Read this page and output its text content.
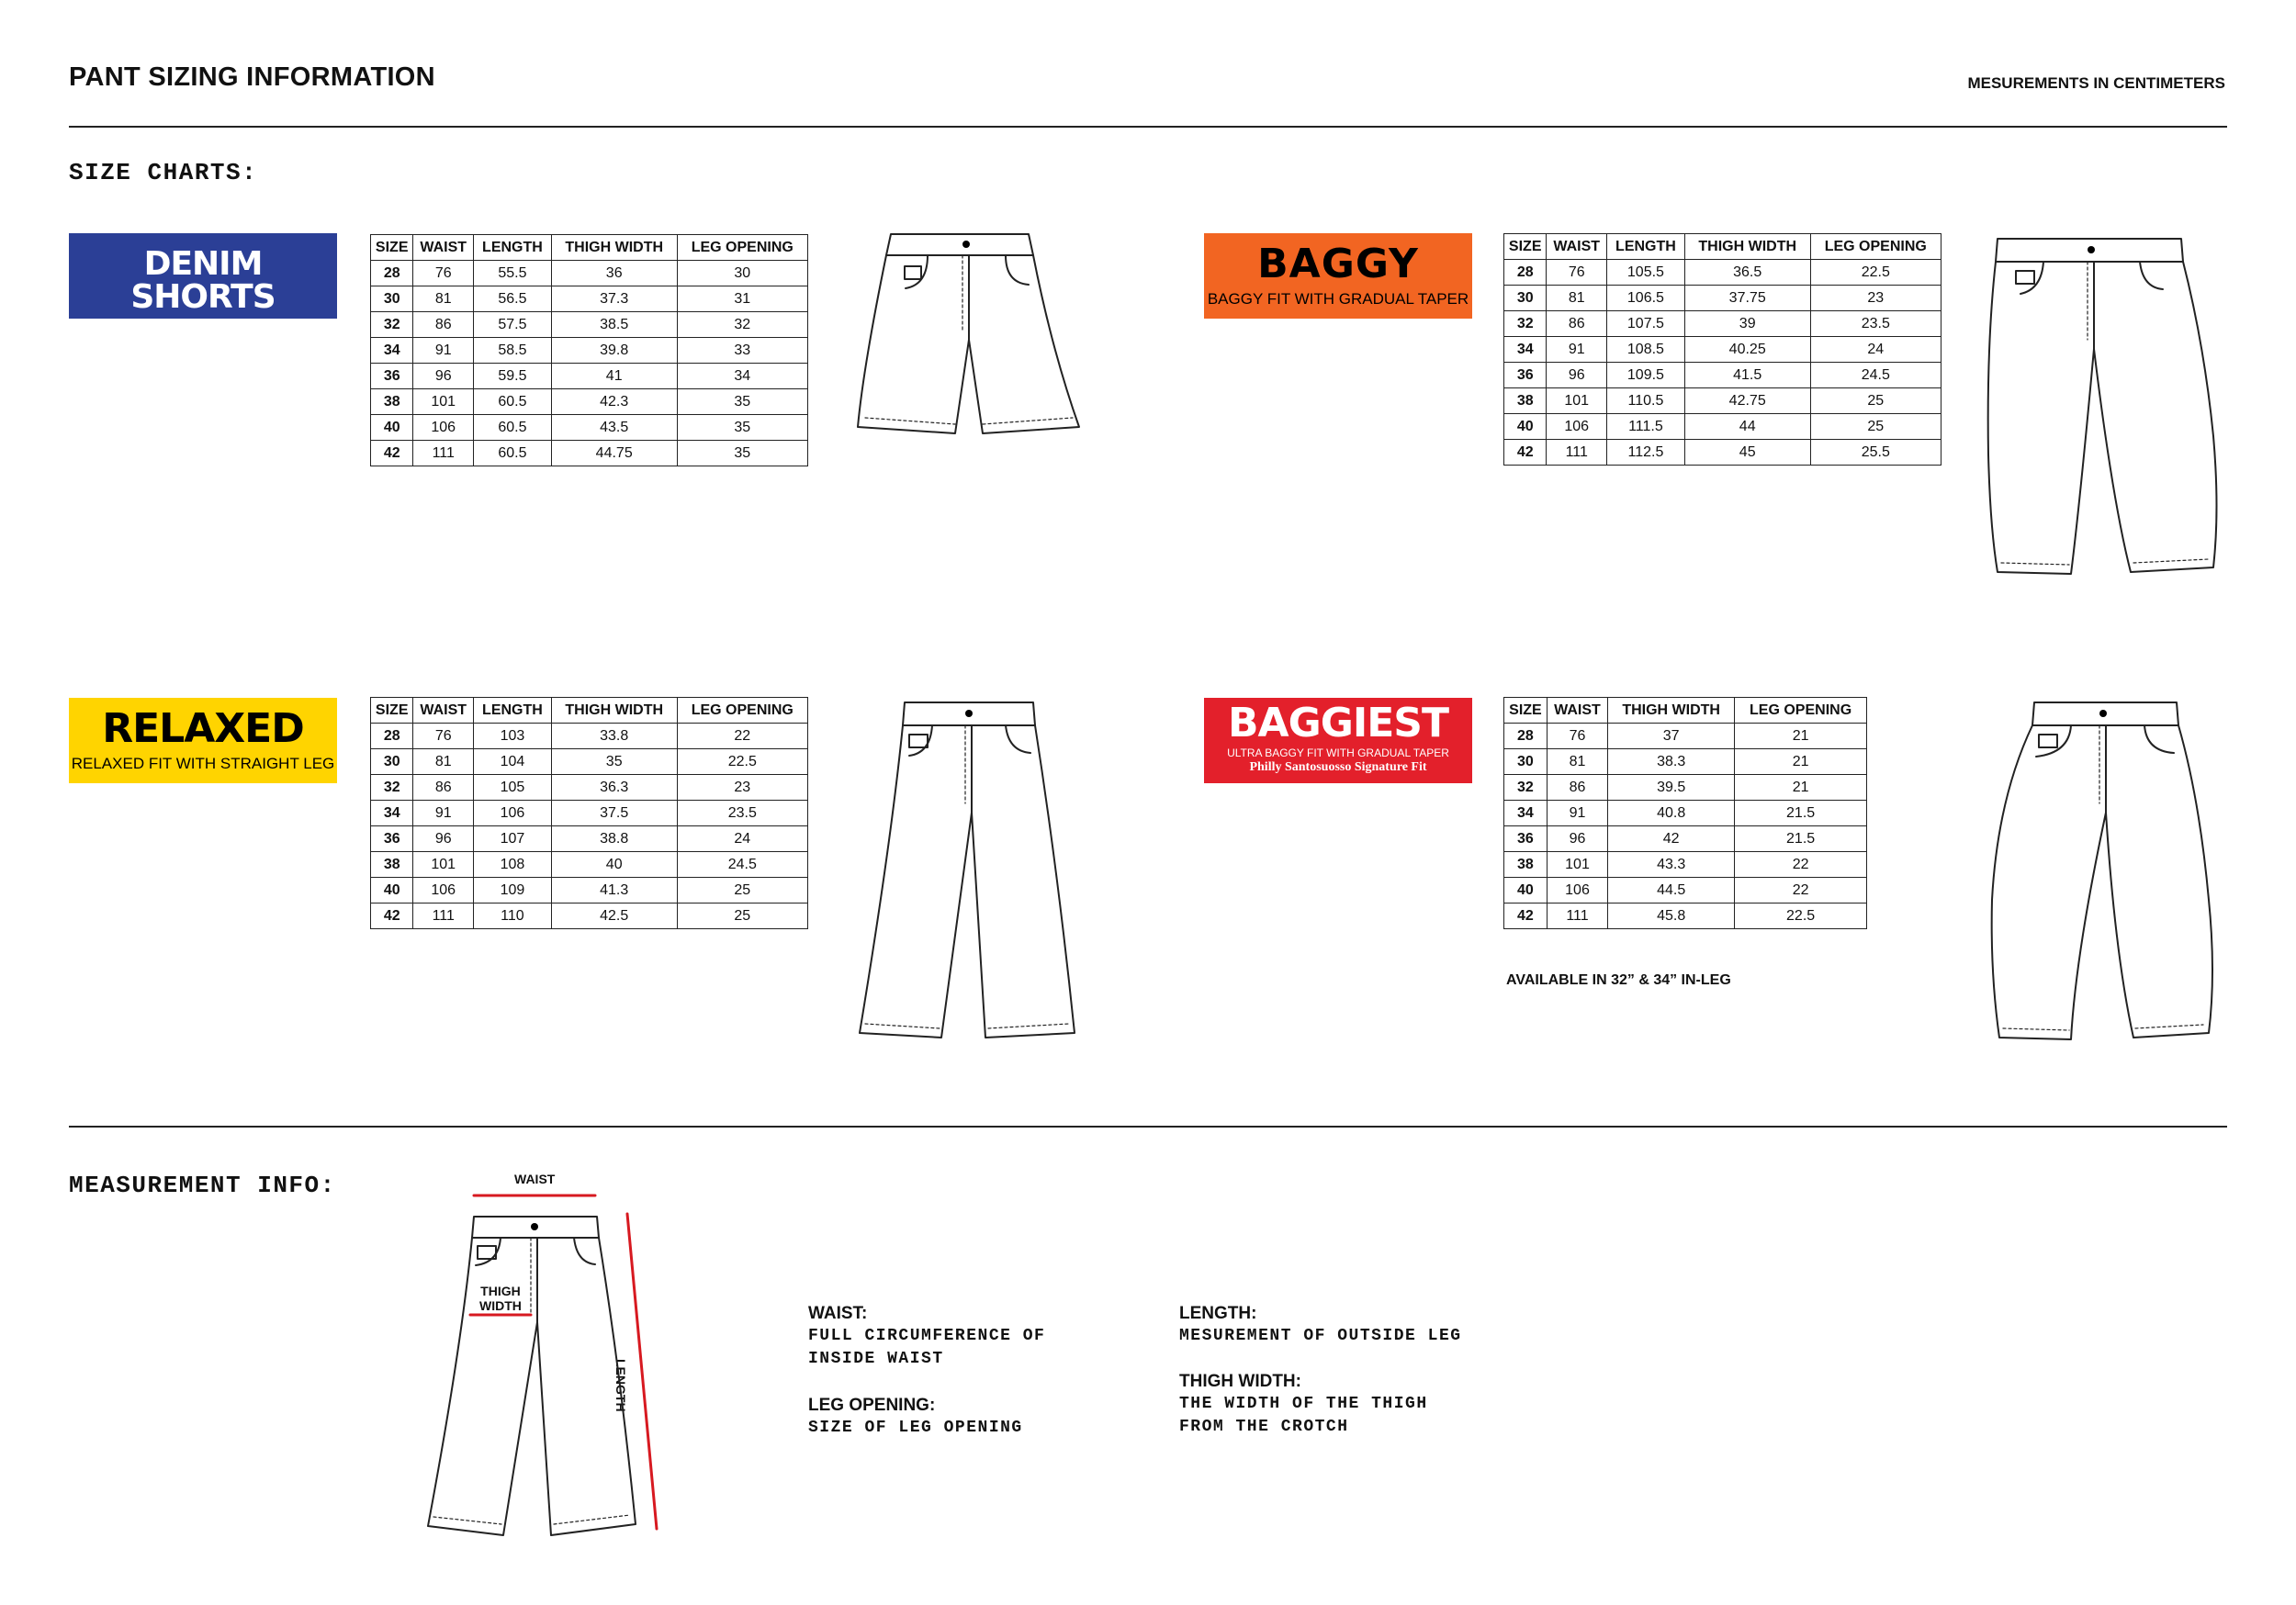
PANT SIZING INFORMATION	MESUREMENTS IN CENTIMETERS
SIZE CHARTS:
DENIM SHORTS
CLASSIC BAGGY FIT SHORTS
SIZE	WAIST	LENGTH	THIGH WIDTH	LEG OPENING
28	76	55.5	36	30
30	81	56.5	37.3	31
32	86	57.5	38.5	32
34	91	58.5	39.8	33
36	96	59.5	41	34
38	101	60.5	42.3	35
40	106	60.5	43.5	35
42	111	60.5	44.75	35
BAGGY
BAGGY FIT WITH GRADUAL TAPER
SIZE	WAIST	LENGTH	THIGH WIDTH	LEG OPENING
28	76	105.5	36.5	22.5
30	81	106.5	37.75	23
32	86	107.5	39	23.5
34	91	108.5	40.25	24
36	96	109.5	41.5	24.5
38	101	110.5	42.75	25
40	106	111.5	44	25
42	111	112.5	45	25.5
RELAXED
RELAXED FIT WITH STRAIGHT LEG
SIZE	WAIST	LENGTH	THIGH WIDTH	LEG OPENING
28	76	103	33.8	22
30	81	104	35	22.5
32	86	105	36.3	23
34	91	106	37.5	23.5
36	96	107	38.8	24
38	101	108	40	24.5
40	106	109	41.3	25
42	111	110	42.5	25
BAGGIEST
ULTRA BAGGY FIT WITH GRADUAL TAPER
Philly Santosuosso Signature Fit
SIZE	WAIST	THIGH WIDTH	LEG OPENING
28	76	37	21
30	81	38.3	21
32	86	39.5	21
34	91	40.8	21.5
36	96	42	21.5
38	101	43.3	22
40	106	44.5	22
42	111	45.8	22.5
AVAILABLE IN 32” & 34” IN-LEG
MEASUREMENT INFO:	WAIST
THIGH
WIDTH
LENGTH
WAIST:
FULL CIRCUMFERENCE OF
INSIDE WAIST
LEG OPENING:
SIZE OF LEG OPENING
LENGTH:
MESUREMENT OF OUTSIDE LEG
THIGH WIDTH:
THE WIDTH OF THE THIGH
FROM THE CROTCH
